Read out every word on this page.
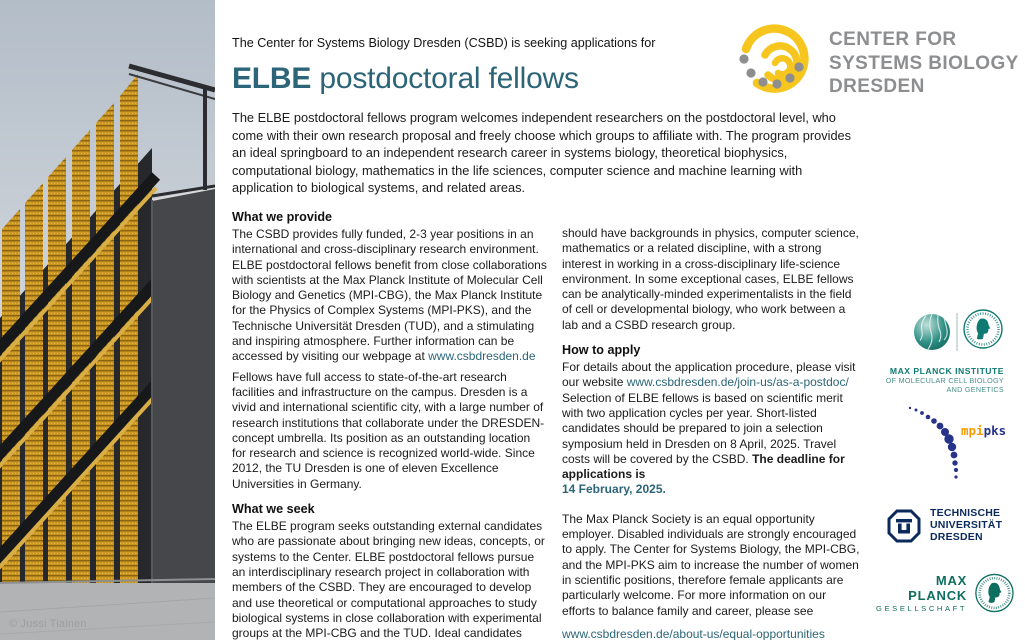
© Jussi Tiainen
CENTER FOR
SYSTEMS BIOLOGY
DRESDEN
The Center for Systems Biology Dresden (CSBD) is seeking applications for
ELBE postdoctoral fellows

The ELBE postdoctoral fellows program welcomes independent researchers on the postdoctoral level, who come with their own research proposal and freely choose which groups to affiliate with. The program provides an ideal springboard to an independent research career in systems biology, theoretical biophysics, computational biology, mathematics in the life sciences, computer science and machine learning with application to biological systems, and related areas.

What we provide

The CSBD provides fully funded, 2-3 year positions in an international and cross-disciplinary research environment. ELBE postdoctoral fellows benefit from close collaborations with scientists at the Max Planck Institute of Molecular Cell Biology and Genetics (MPI-CBG), the Max Planck Institute for the Physics of Complex Systems (MPI-PKS), and the Technische Universität Dresden (TUD), and a stimulating and inspiring atmosphere. Further information can be accessed by visiting our webpage at www.csbdresden.de

Fellows have full access to state-of-the-art research facilities and infrastructure on the campus. Dresden is a vivid and international scientific city, with a large number of research institutions that collaborate under the DRESDEN-concept umbrella. Its position as an outstanding location for research and science is recognized world-wide. Since 2012, the TU Dresden is one of eleven Excellence Universities in Germany.

What we seek

The ELBE program seeks outstanding external candidates who are passionate about bringing new ideas, concepts, or systems to the Center. ELBE postdoctoral fellows pursue an interdisciplinary research project in collaboration with members of the CSBD. They are encouraged to develop and use theoretical or computational approaches to study biological systems in close collaboration with experimental groups at the MPI-CBG and the TUD. Ideal candidates

should have backgrounds in physics, computer science, mathematics or a related discipline, with a strong interest in working in a cross-disciplinary life-science environment. In some exceptional cases, ELBE fellows can be analytically-minded experimentalists in the field of cell or developmental biology, who work between a lab and a CSBD research group.

How to apply

For details about the application procedure, please visit our website www.csbdresden.de/join-us/as-a-postdoc/
Selection of ELBE fellows is based on scientific merit with two application cycles per year. Short-listed candidates should be prepared to join a selection symposium held in Dresden on 8 April, 2025. Travel costs will be covered by the CSBD. The deadline for applications is
14 February, 2025.

The Max Planck Society is an equal opportunity employer. Disabled individuals are strongly encouraged to apply. The Center for Systems Biology, the MPI-CBG, and the MPI-PKS aim to increase the number of women in scientific positions, therefore female applicants are particularly welcome. For more information on our efforts to balance family and career, please see

www.csbdresden.de/about-us/equal-opportunities
MAX PLANCK INSTITUTE
OF MOLECULAR CELL BIOLOGY
AND GENETICS
mpipks
TECHNISCHE
UNIVERSITÄT
DRESDEN
MAX PLANCK
GESELLSCHAFT
